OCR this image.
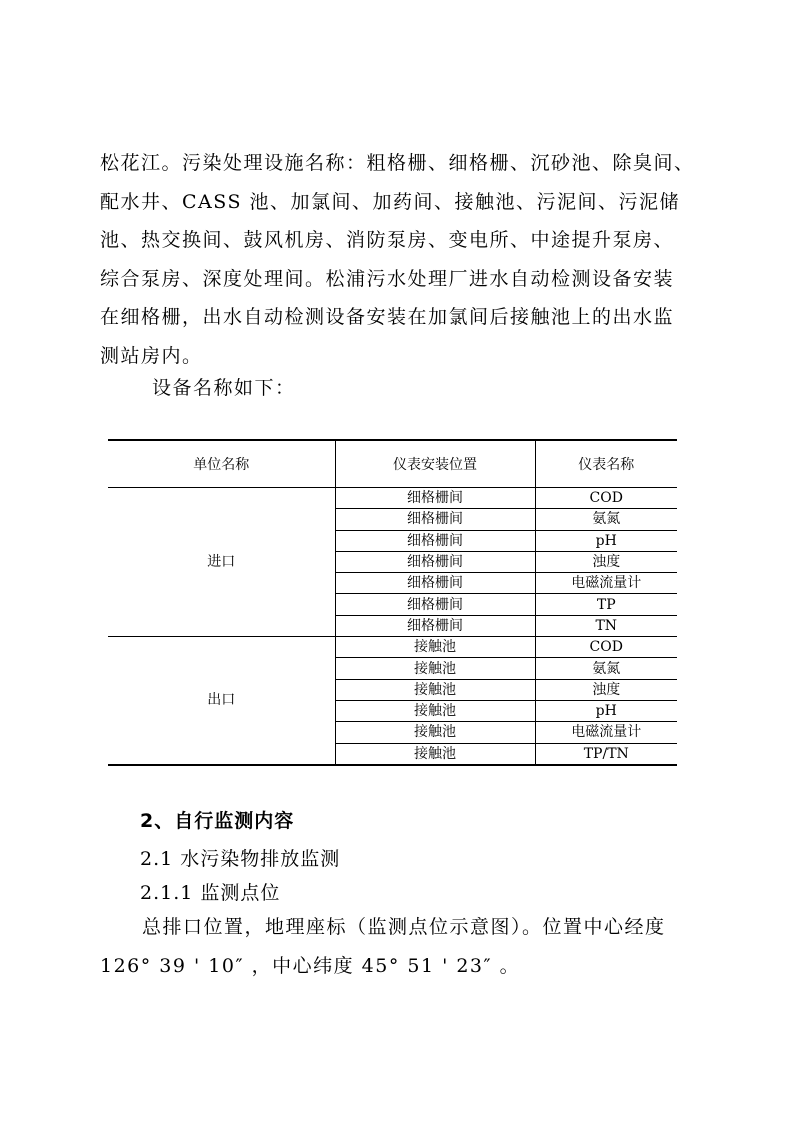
松花江。污染处理设施名称：粗格栅、细格栅、沉砂池、除臭间、
配水井、CASS 池、加氯间、加药间、接触池、污泥间、污泥储
池、热交换间、鼓风机房、消防泵房、变电所、中途提升泵房、
综合泵房、深度处理间。松浦污水处理厂进水自动检测设备安装
在细格栅，出水自动检测设备安装在加氯间后接触池上的出水监
测站房内。
设备名称如下：
单位名称	仪表安装位置	仪表名称
进口	细格栅间	COD
	细格栅间	氨氮
	细格栅间	pH
	细格栅间	浊度
	细格栅间	电磁流量计
	细格栅间	TP
	细格栅间	TN
出口	接触池	COD
	接触池	氨氮
	接触池	浊度
	接触池	pH
	接触池	电磁流量计
	接触池	TP/TN
2、自行监测内容
2.1 水污染物排放监测
2.1.1 监测点位
总排口位置，地理座标（监测点位示意图）。位置中心经度
126° 39 ' 10″ ，中心纬度 45° 51 ' 23″ 。
